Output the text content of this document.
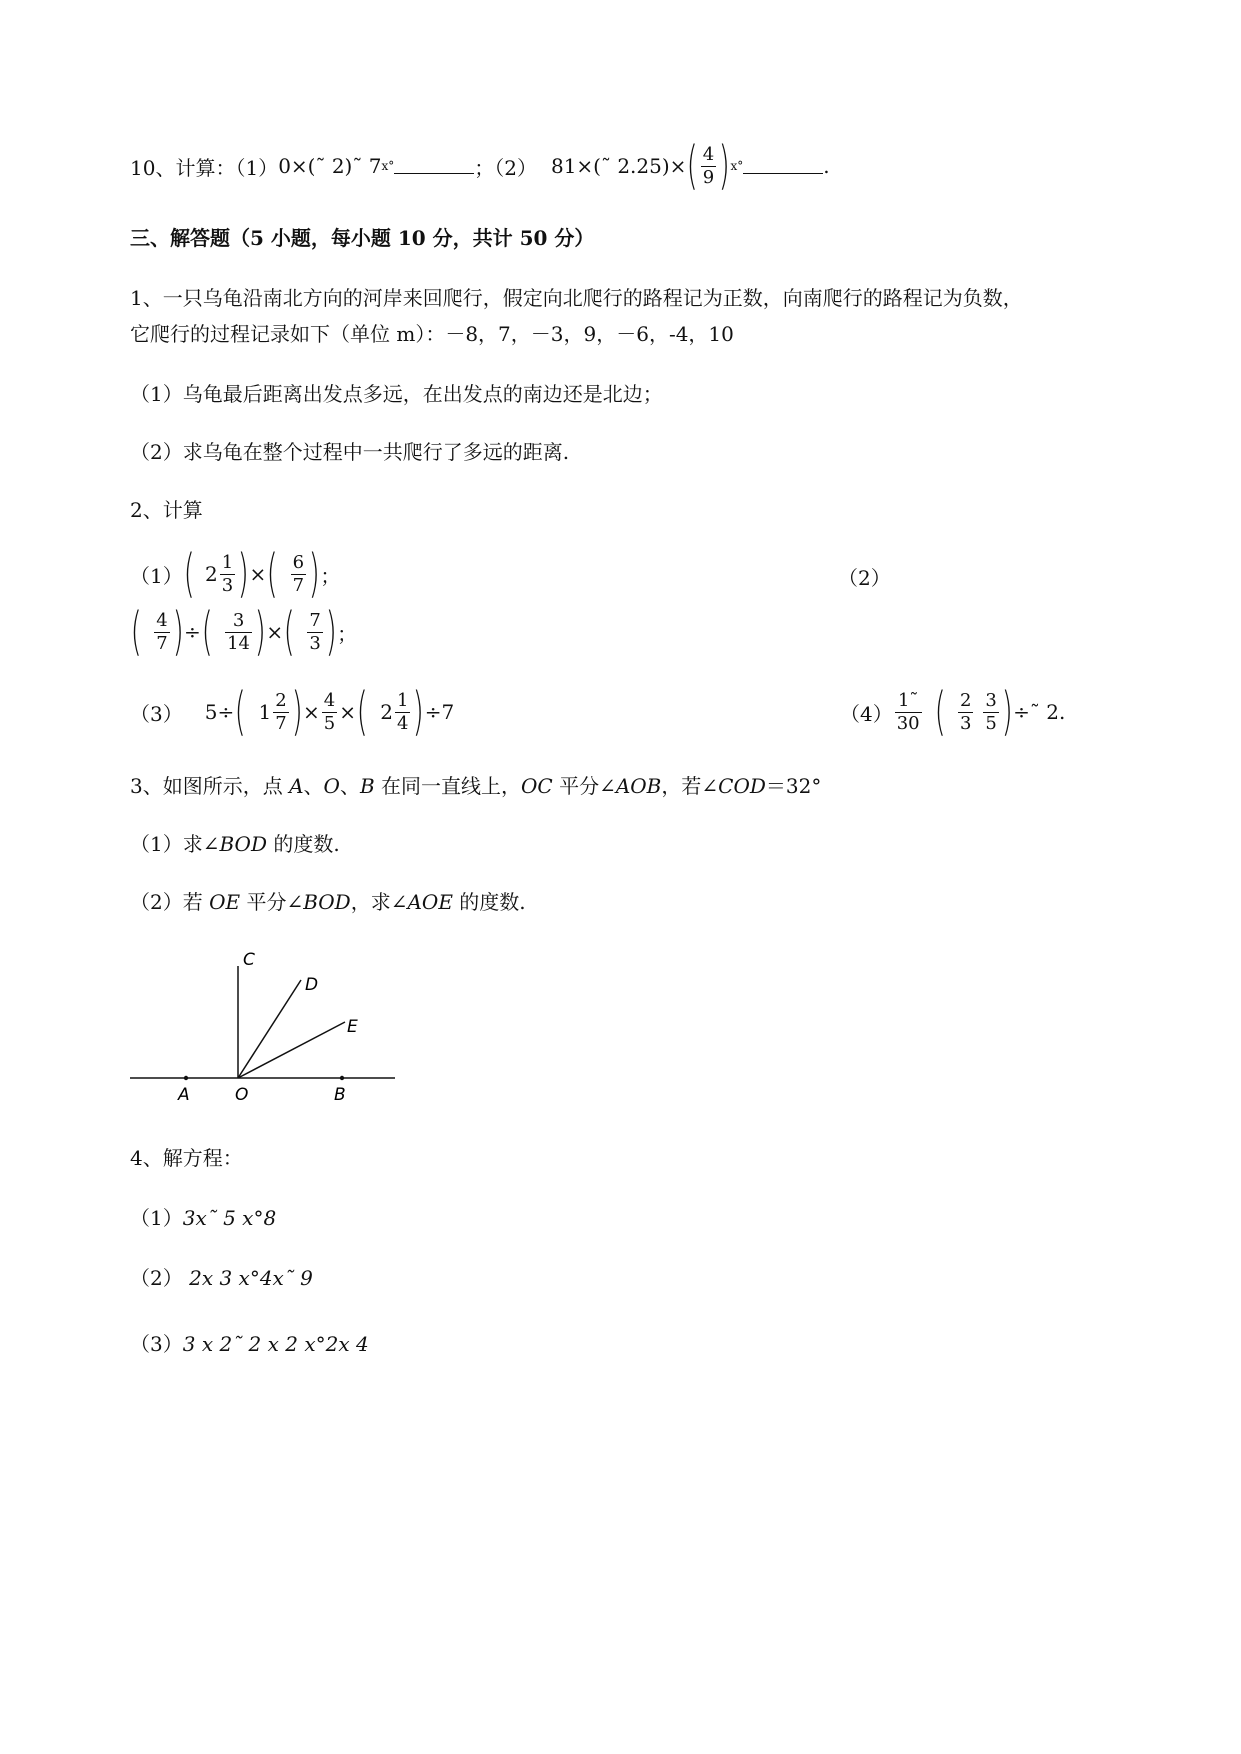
10、计算：（1） 0×(˜ 2)˜ 7 x°	；（2） 81×(˜ 2.25)× ( $\frac{4}{9}$ ) x°	.
三、解答题（5 小题，每小题 10 分，共计 50 分）
1、一只乌龟沿南北方向的河岸来回爬行，假定向北爬行的路程记为正数，向南爬行的路程记为负数，
它爬行的过程记录如下（单位 m）：－8，7，－3，9，－6，-4，10
（1）乌龟最后距离出发点多远，在出发点的南边还是北边；
（2）求乌龟在整个过程中一共爬行了多远的距离.
2、计算
（1） ( $2 \frac{1}{3}$ ) × ( $\frac{6}{7}$ ) ；	（2）
( $\frac{4}{7}$ ) ÷ ( $\frac{3}{14}$ ) × ( $\frac{7}{3}$ ) ；
（3） 5÷ ( $1 \frac{2}{7}$ ) × $\frac{4}{5}$ × ( $2 \frac{1}{4}$ ) ÷7	$(4) \frac{1˜}{30}$ ( $\frac{2}{3} \frac{3}{5}$ ) ÷˜ 2.
3、如图所示，点 A、O、B 在同一直线上，OC 平分∠AOB，若∠COD＝32°
（1）求∠BOD 的度数.
（2）若 OE 平分∠BOD，求∠AOE 的度数.
C
D
E
A	O	B
4、解方程：
（1）3x˜ 5 x°8
（2） 2x 3 x°4x˜ 9
（3）3 x 2˜ 2 x 2 x°2x 4
